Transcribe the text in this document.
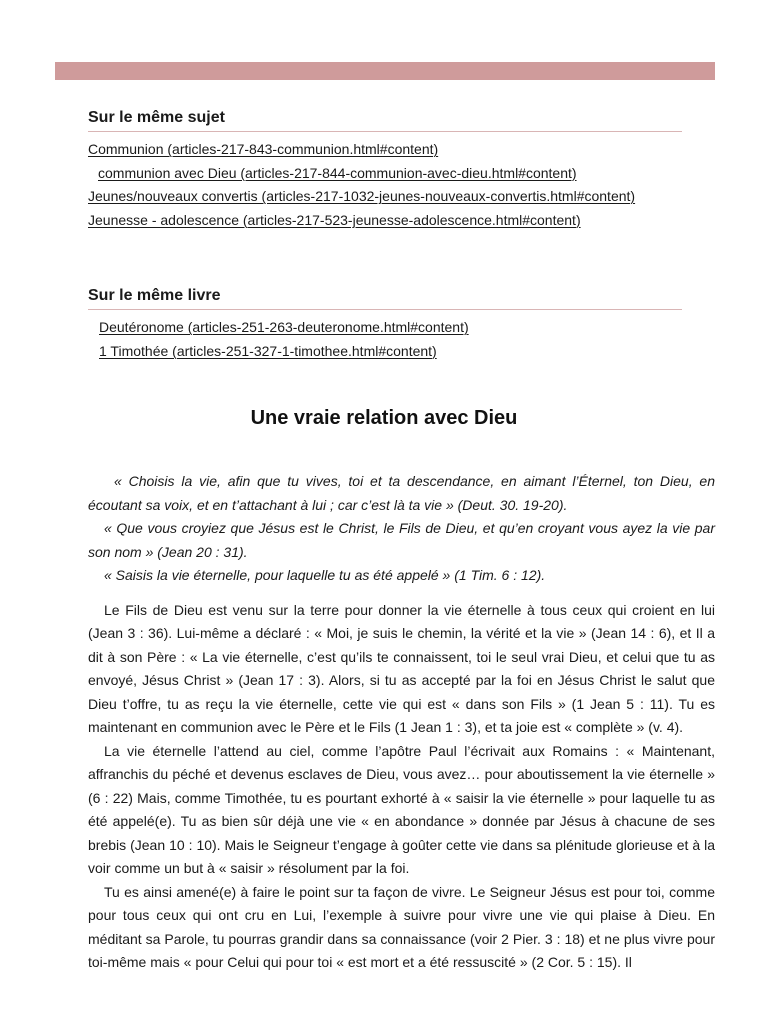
Sur le même sujet
Communion (articles-217-843-communion.html#content)
communion avec Dieu (articles-217-844-communion-avec-dieu.html#content)
Jeunes/nouveaux convertis (articles-217-1032-jeunes-nouveaux-convertis.html#content)
Jeunesse - adolescence (articles-217-523-jeunesse-adolescence.html#content)
Sur le même livre
Deutéronome (articles-251-263-deuteronome.html#content)
1 Timothée (articles-251-327-1-timothee.html#content)
Une vraie relation avec Dieu

« Choisis la vie, afin que tu vives, toi et ta descendance, en aimant l’Éternel, ton Dieu, en écoutant sa voix, et en t’attachant à lui ; car c’est là ta vie » (Deut. 30. 19-20).

« Que vous croyiez que Jésus est le Christ, le Fils de Dieu, et qu’en croyant vous ayez la vie par son nom » (Jean 20 : 31).

« Saisis la vie éternelle, pour laquelle tu as été appelé » (1 Tim. 6 : 12).

Le Fils de Dieu est venu sur la terre pour donner la vie éternelle à tous ceux qui croient en lui (Jean 3 : 36). Lui-même a déclaré : « Moi, je suis le chemin, la vérité et la vie » (Jean 14 : 6), et Il a dit à son Père : « La vie éternelle, c’est qu’ils te connaissent, toi le seul vrai Dieu, et celui que tu as envoyé, Jésus Christ » (Jean 17 : 3). Alors, si tu as accepté par la foi en Jésus Christ le salut que Dieu t’offre, tu as reçu la vie éternelle, cette vie qui est « dans son Fils » (1 Jean 5 : 11). Tu es maintenant en communion avec le Père et le Fils (1 Jean 1 : 3), et ta joie est « complète » (v. 4).

La vie éternelle l’attend au ciel, comme l’apôtre Paul l’écrivait aux Romains : « Maintenant, affranchis du péché et devenus esclaves de Dieu, vous avez… pour aboutissement la vie éternelle » (6 : 22) Mais, comme Timothée, tu es pourtant exhorté à « saisir la vie éternelle » pour laquelle tu as été appelé(e). Tu as bien sûr déjà une vie « en abondance » donnée par Jésus à chacune de ses brebis (Jean 10 : 10). Mais le Seigneur t’engage à goûter cette vie dans sa plénitude glorieuse et à la voir comme un but à « saisir » résolument par la foi.

Tu es ainsi amené(e) à faire le point sur ta façon de vivre. Le Seigneur Jésus est pour toi, comme pour tous ceux qui ont cru en Lui, l’exemple à suivre pour vivre une vie qui plaise à Dieu. En méditant sa Parole, tu pourras grandir dans sa connaissance (voir 2 Pier. 3 : 18) et ne plus vivre pour toi-même mais « pour Celui qui pour toi « est mort et a été ressuscité » (2 Cor. 5 : 15). Il
